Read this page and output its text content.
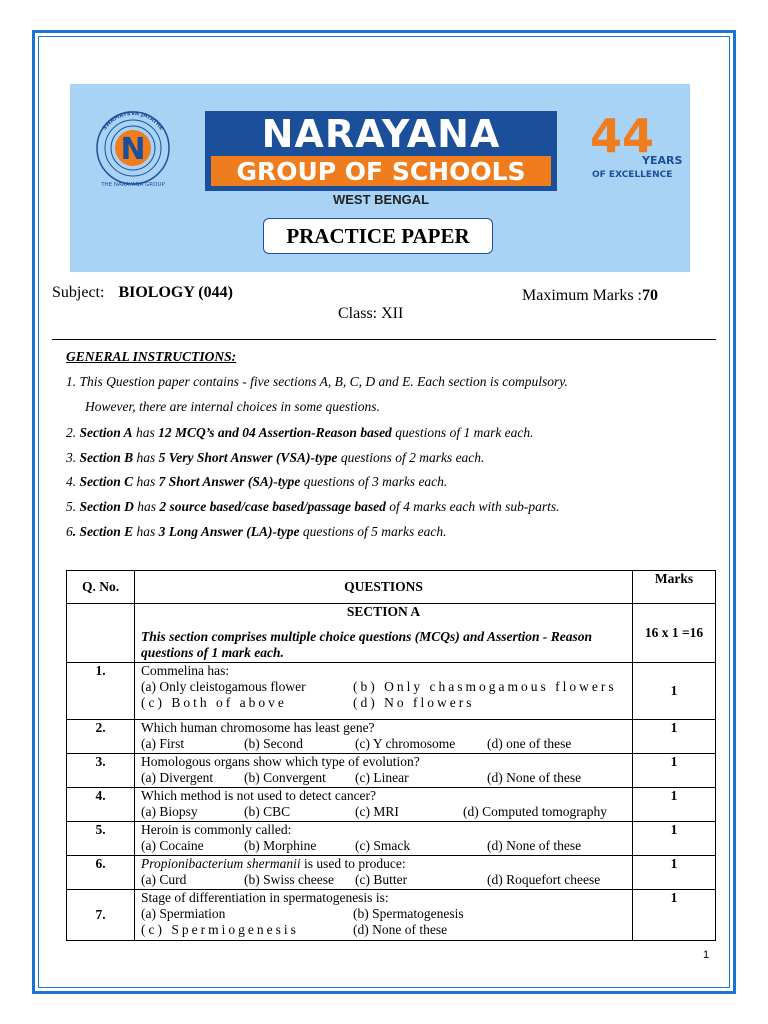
N
SWAMAYEVA JAYATHE
THE NARAYANA GROUP
NARAYANA
GROUP OF SCHOOLS
WEST BENGAL
44
YEARS
OF EXCELLENCE
PRACTICE PAPER
Subject: BIOLOGY (044)	Maximum Marks :70
Class: XII
GENERAL INSTRUCTIONS:
1. This Question paper contains - five sections A, B, C, D and E. Each section is compulsory.
However, there are internal choices in some questions.
2. Section A has 12 MCQ’s and 04 Assertion-Reason based questions of 1 mark each.
3. Section B has 5 Very Short Answer (VSA)-type questions of 2 marks each.
4. Section C has 7 Short Answer (SA)-type questions of 3 marks each.
5. Section D has 2 source based/case based/passage based of 4 marks each with sub-parts.
6. Section E has 3 Long Answer (LA)-type questions of 5 marks each.
Q. No.	QUESTIONS	Marks

	SECTION A
This section comprises multiple choice questions (MCQs) and Assertion - Reason questions of 1 mark each.	16 x 1 =16
1.	Commelina has:
(a) Only cleistogamous flower (b) Only chasmogamous flowers
(c) Both of above (d) No flowers	1
2.	Which human chromosome has least gene?
(a) First (b) Second (c) Y chromosome (d) one of these	1
3.	Homologous organs show which type of evolution?
(a) Divergent (b) Convergent (c) Linear (d) None of these	1
4.	Which method is not used to detect cancer?
(a) Biopsy (b) CBC (c) MRI (d) Computed tomography	1
5.	Heroin is commonly called:
(a) Cocaine (b) Morphine (c) Smack (d) None of these	1
6.	Propionibacterium shermanii is used to produce:
(a) Curd (b) Swiss cheese (c) Butter (d) Roquefort cheese	1
7.	Stage of differentiation in spermatogenesis is:
(a) Spermiation (b) Spermatogenesis
(c) Spermiogenesis (d) None of these	1
1
